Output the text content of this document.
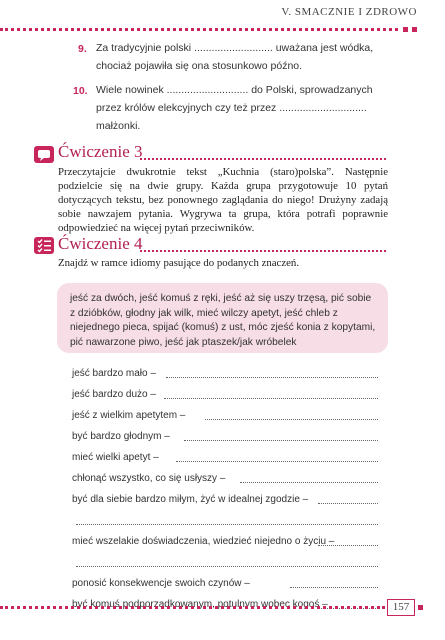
V. SMACZNIE I ZDROWO
9. Za tradycyjnie polski ........................... uważana jest wódka,
chociaż pojawiła się ona stosunkowo późno.
10. Wiele nowinek ............................ do Polski, sprowadzanych
przez królów elekcyjnych czy też przez ..............................
małżonki.
Ćwiczenie 3
Przeczytajcie dwukrotnie tekst „Kuchnia (staro)polska”. Następnie podzielcie się na dwie grupy. Każda grupa przygotowuje 10 pytań dotyczących tekstu, bez ponownego zaglądania do niego! Drużyny zadają sobie nawzajem pytania. Wygrywa ta grupa, która potrafi poprawnie odpowiedzieć na więcej pytań przeciwników.
Ćwiczenie 4
Znajdź w ramce idiomy pasujące do podanych znaczeń.
jeść za dwóch, jeść komuś z ręki, jeść aż się uszy trzęsą, pić sobie z dzióbków, głodny jak wilk, mieć wilczy apetyt, jeść chleb z niejednego pieca, spijać (komuś) z ust, móc zjeść konia z kopytami, pić nawarzone piwo, jeść jak ptaszek/jak wróbelek
jeść bardzo mało –
jeść bardzo dużo –
jeść z wielkim apetytem –
być bardzo głodnym –
mieć wielki apetyt –
chłonąć wszystko, co się usłyszy –
być dla siebie bardzo miłym, żyć w idealnej zgodzie –
mieć wszelakie doświadczenia, wiedzieć niejedno o życiu –
ponosić konsekwencje swoich czynów –
być komuś podporządkowanym, potulnym wobec kogoś –	157
